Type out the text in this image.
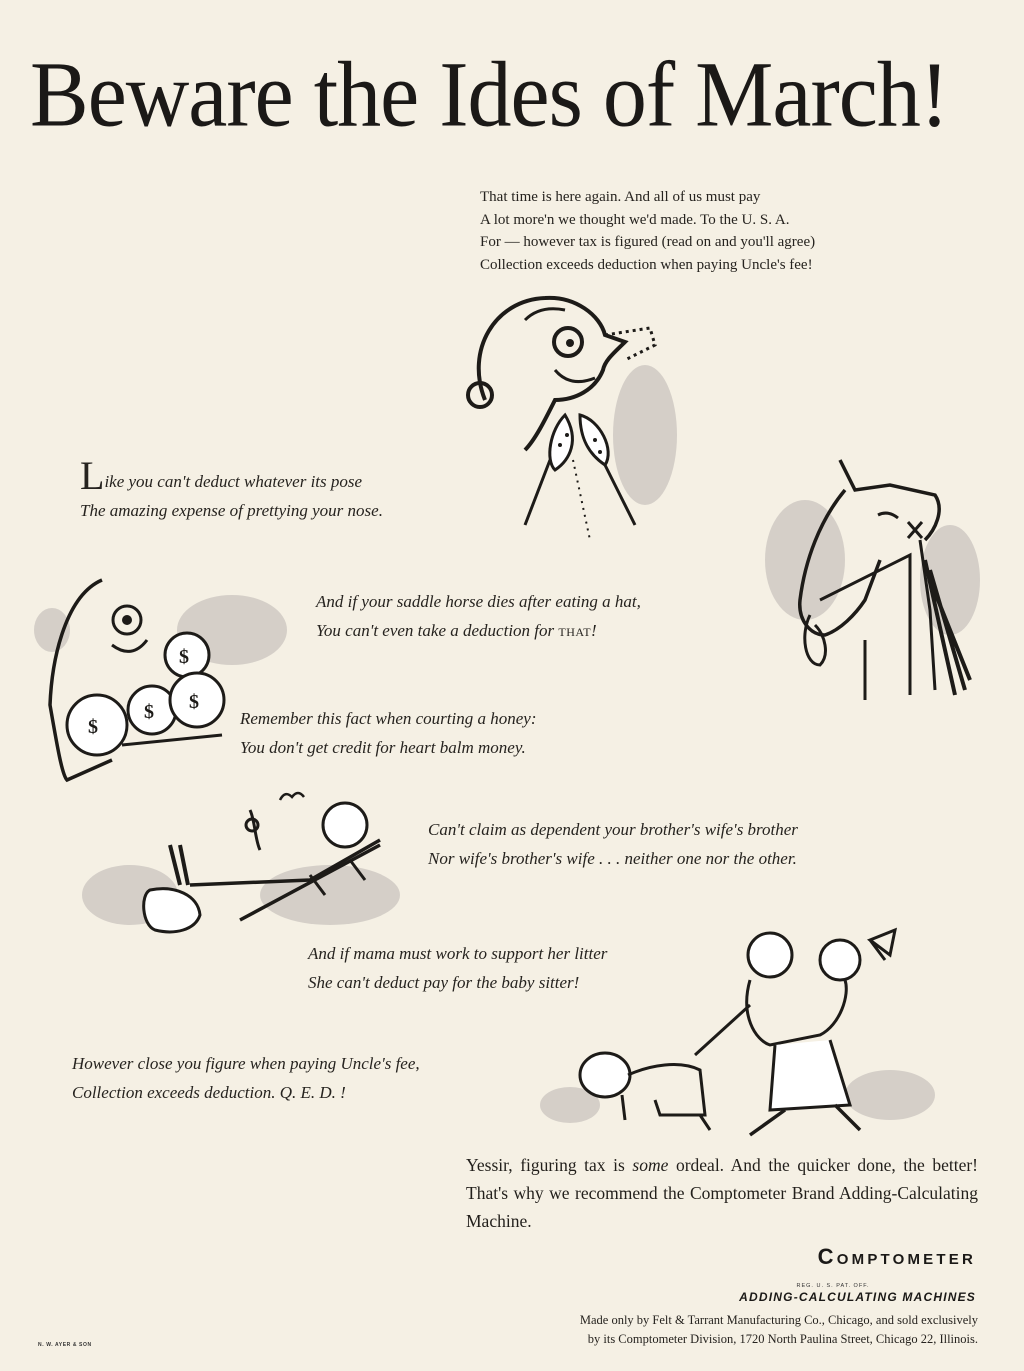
Beware the Ides of March!
That time is here again. And all of us must pay
A lot more'n we thought we'd made. To the U. S. A.
For — however tax is figured (read on and you'll agree)
Collection exceeds deduction when paying Uncle's fee!
Like you can't deduct whatever its pose
The amazing expense of prettying your nose.
And if your saddle horse dies after eating a hat,
You can't even take a deduction for that!
$
$
$ $
Remember this fact when courting a honey:
You don't get credit for heart balm money.
Can't claim as dependent your brother's wife's brother
Nor wife's brother's wife . . . neither one nor the other.
And if mama must work to support her litter
She can't deduct pay for the baby sitter!
However close you figure when paying Uncle's fee,
Collection exceeds deduction. Q. E. D. !
Yessir, figuring tax is some ordeal. And the quicker done, the better! That's why we recommend the Comptometer Brand Adding-Calculating Machine.
Comptometer
REG. U. S. PAT. OFF.
ADDING-CALCULATING MACHINES
Made only by Felt & Tarrant Manufacturing Co., Chicago, and sold exclusively
by its Comptometer Division, 1720 North Paulina Street, Chicago 22, Illinois.
N. W. AYER & SON
